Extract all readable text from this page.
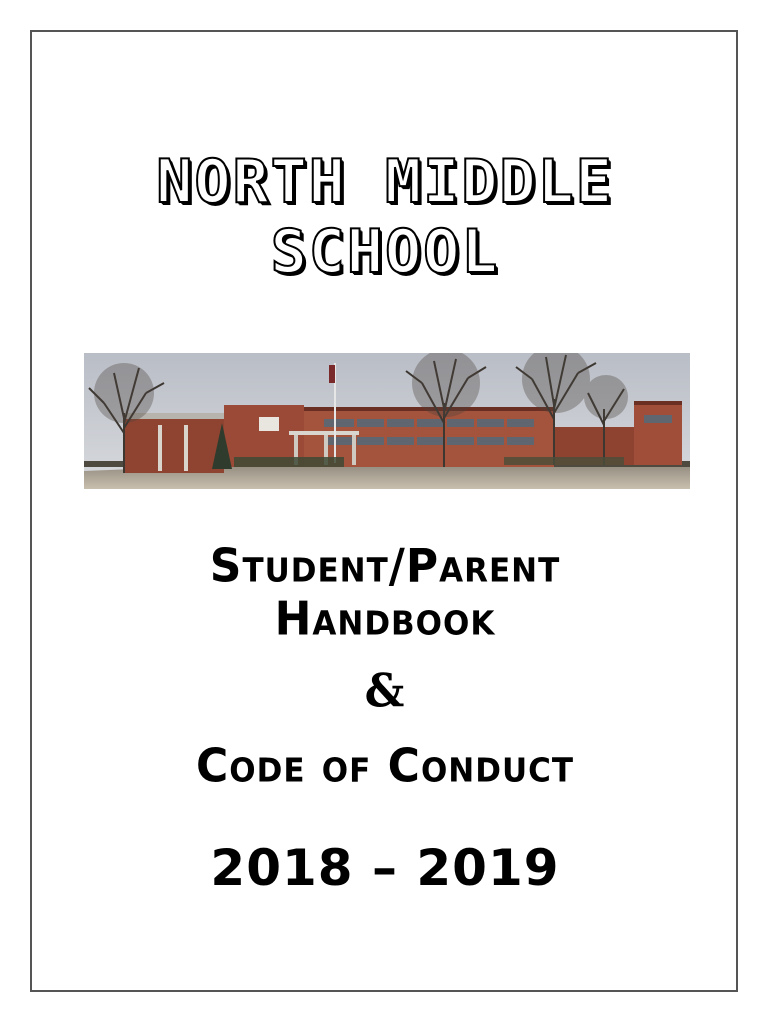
NORTH MIDDLE
SCHOOL
Student/Parent
Handbook
&
Code of Conduct
2018 – 2019
